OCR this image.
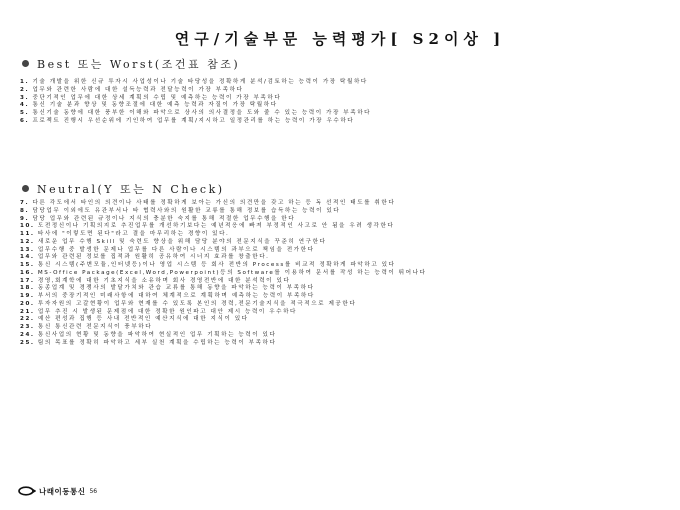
연구/기술부문 능력평가[ S2이상 ]
Best 또는 Worst(조건표 참조)
1. 기술 개발을 위한 신규 투자시 사업성이나 기술 타당성을 정확하게 분석/검토하는 능력이 가장 탁월하다
2. 업무와 관련한 사람에 대한 설득능력과 전달능력이 가장 부족하다
3. 중단기적인 업무에 대한 상세 계획의 수립 및 예측하는 능력이 가장 부족하다
4. 통신 기술 분과 향상 및 동향조절에 대한 예측 능력과 자질이 가장 탁월하다
5. 통신기술 동향에 대한 풍부한 이해와 파악으로 상사의 의사결정을 도와 줄 수 있는 능력이 가장 부족하다
6. 프로젝트 진행시 우선순위에 기인하여 업무를 계획/지시하고 일정관리를 하는 능력이 가장 우수하다
Neutral(Y 또는 N Check)
7. 다른 각도에서 타인의 의견이나 사태를 정확하게 보아는 가신의 의견만을 갖고 하는 등 독 선적인 태도를 취한다
8. 담당업무 이외에도 유관부서나 타 협력사와의 원활한 교류를 통해 정보를 습득하는 능력이 있다
9. 담당 업무와 관련된 규정이나 지식의 충분한 숙지를 통해 적절한 업무수행을 한다
10. 도전정신이나 기획의지로 추진업무를 개선하기보다는 예년적응에 빠져 부정적인 사고로 안 됨을 우려 생각한다
11. 타사에 "이렇도면 된다"라고 결을 마무리하는 경향이 있다.
12. 새로운 업무 수행 Skill 및 숙련도 향상을 위해 담당 분야의 전문지식을 꾸준히 연구한다
13. 업무수행 중 발생한 문제나 업무를 다른 사람이나 시스템의 과부으로 책임을 전가한다
14. 업무와 관련된 정보를 집적과 원활히 공유하여 시너지 효과를 창출한다.
15. 통신 시스템(주변모듈,인터넷등)이나 영업 시스템 등 회사 전반의 Process를 비교적 정확하게 파악하고 있다
16. MS-Office Package(Excel,Word,Powerpoint)등의 Software를 이용하여 문서를 작성 하는 능력이 뛰어나다
17. 경영,회계학에 대한 기초지식을 소유하며 회사 경영전반에 대한 분석력이 있다
18. 동종업계 및 경쟁사의 발달가치와 관습 교류를 통해 동향을 파악하는 능력이 부족하다
19. 부서의 중장기적인 미래사항에 대하여 체계적으로 계획하며 예측하는 능력이 부족하다
20. 투자자원의 고갈현황이 업무와 현재를 수 있도록 본인의 경력,전문기술지식을 적극적으로 제공한다
21. 업무 추진 시 발생된 문제점에 대한 정확한 원인파고 대안 제시 능력이 우수하다
22. 예산 편성과 집행 등 사내 전반적인 예산지식에 대한 지식이 있다
23. 통신 통신관련 전문지식이 풍부하다
24. 통신사업의 현황 및 동향을 파악하여 현실적인 업무 기획하는 능력이 있다
25. 팀의 목표를 정확히 파악하고 세부 실천 계획을 수립하는 능력이 부족하다
나래이동통신 56
